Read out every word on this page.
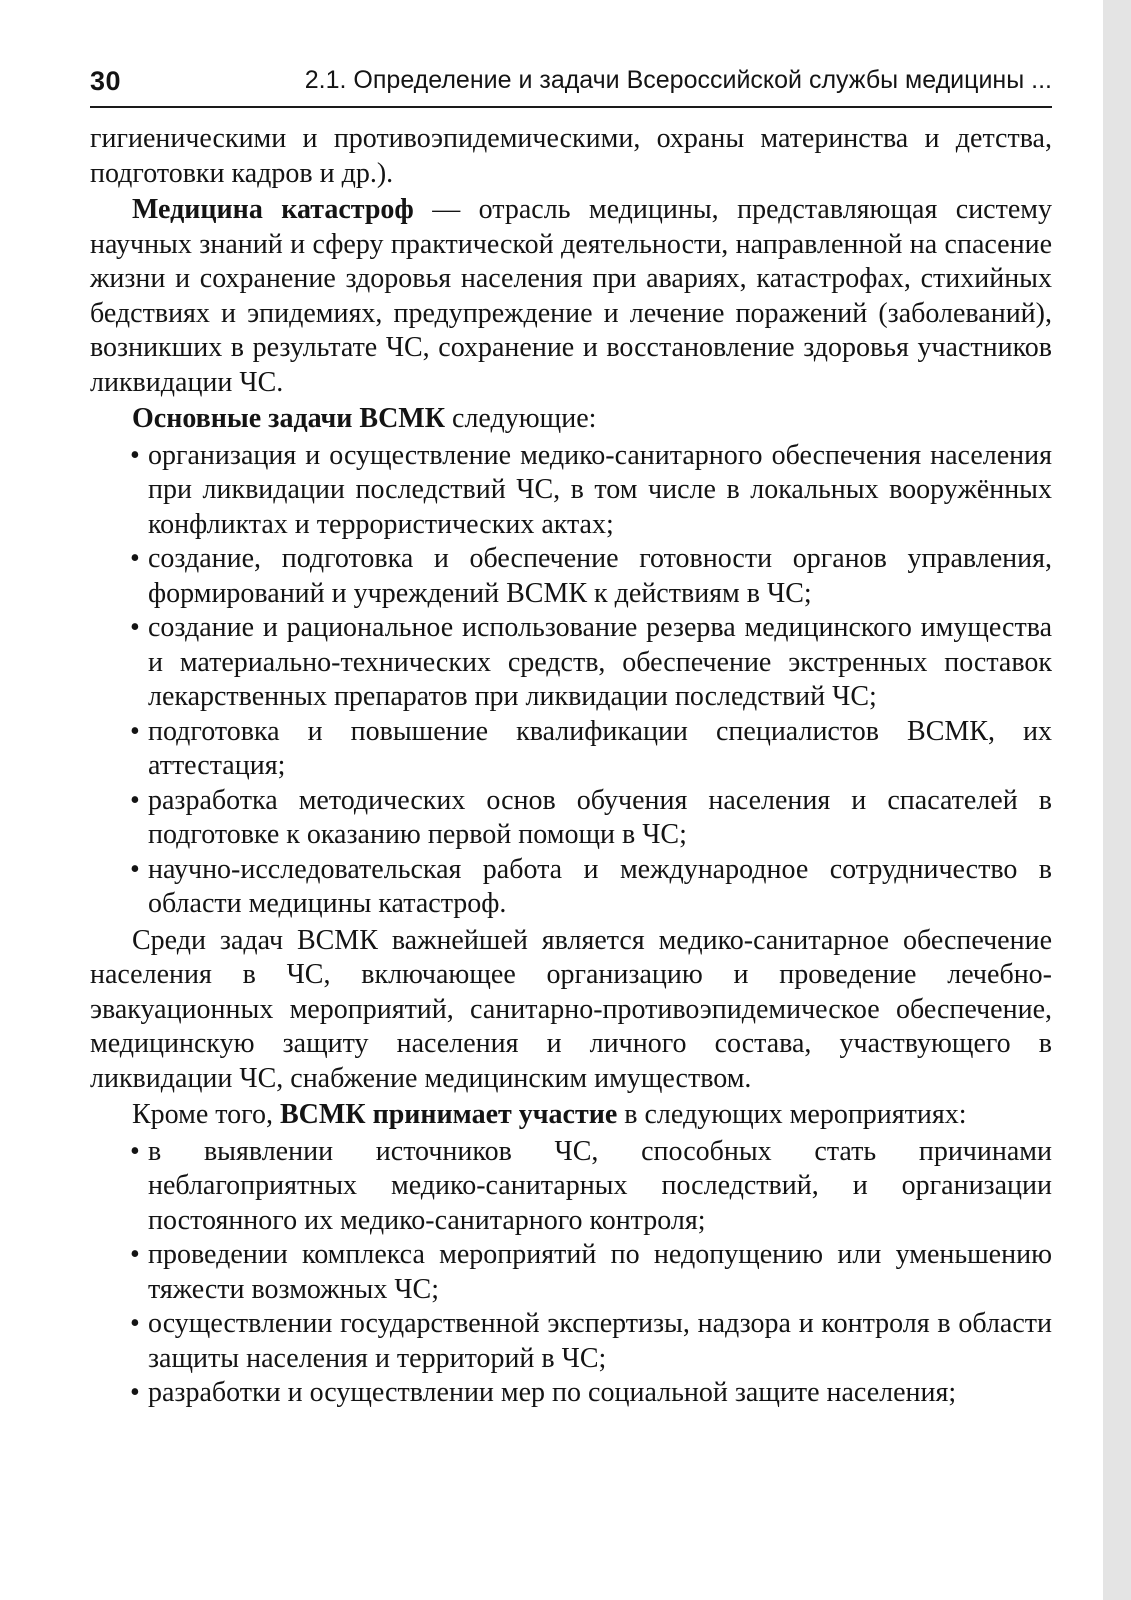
30	2.1. Определение и задачи Всероссийской службы медицины ...

гигиеническими и противоэпидемическими, охраны материнства и детства, подготовки кадров и др.).

Медицина катастроф — отрасль медицины, представляющая систему научных знаний и сферу практической деятельности, направленной на спасение жизни и сохранение здоровья населения при авариях, катастрофах, стихийных бедствиях и эпидемиях, предупреждение и лечение поражений (заболеваний), возникших в результате ЧС, сохранение и восстановление здоровья участников ликвидации ЧС.

Основные задачи ВСМК следующие:

• организация и осуществление медико-санитарного обеспечения населения при ликвидации последствий ЧС, в том числе в локальных вооружённых конфликтах и террористических актах;
• создание, подготовка и обеспечение готовности органов управления, формирований и учреждений ВСМК к действиям в ЧС;
• создание и рациональное использование резерва медицинского имущества и материально-технических средств, обеспечение экстренных поставок лекарственных препаратов при ликвидации последствий ЧС;
• подготовка и повышение квалификации специалистов ВСМК, их аттестация;
• разработка методических основ обучения населения и спасателей в подготовке к оказанию первой помощи в ЧС;
• научно-исследовательская работа и международное сотрудничество в области медицины катастроф.

Среди задач ВСМК важнейшей является медико-санитарное обеспечение населения в ЧС, включающее организацию и проведение лечебно-эвакуационных мероприятий, санитарно-противоэпидемическое обеспечение, медицинскую защиту населения и личного состава, участвующего в ликвидации ЧС, снабжение медицинским имуществом.

Кроме того, ВСМК принимает участие в следующих мероприятиях:

• в выявлении источников ЧС, способных стать причинами неблагоприятных медико-санитарных последствий, и организации постоянного их медико-санитарного контроля;
• проведении комплекса мероприятий по недопущению или уменьшению тяжести возможных ЧС;
• осуществлении государственной экспертизы, надзора и контроля в области защиты населения и территорий в ЧС;
• разработки и осуществлении мер по социальной защите населения;
